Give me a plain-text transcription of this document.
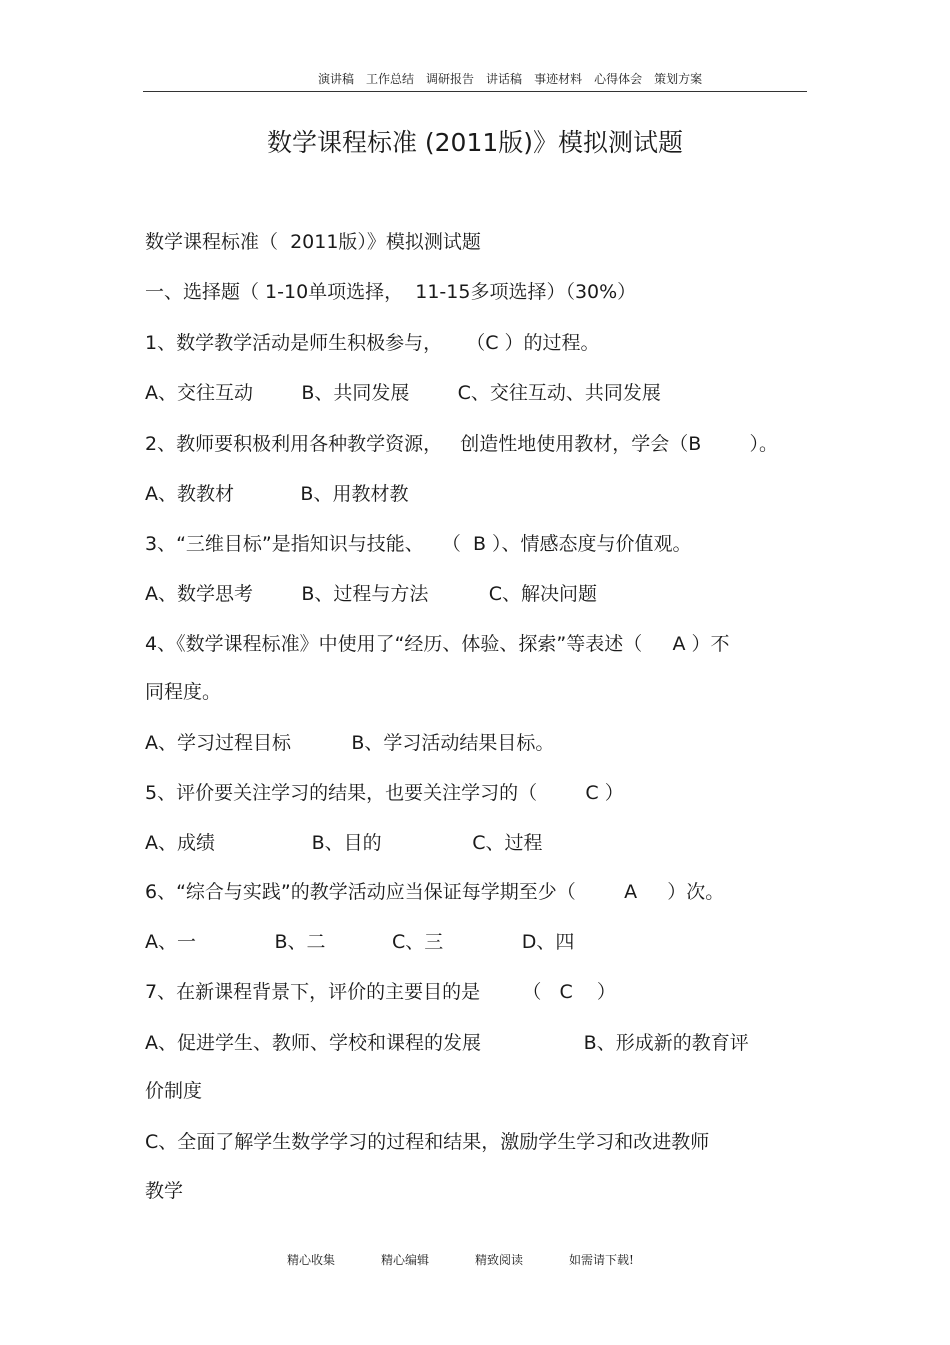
演讲稿 工作总结 调研报告 讲话稿 事迹材料 心得体会 策划方案
数学课程标准 (2011版)》模拟测试题
数学课程标准（  2011版）》模拟测试题
一、选择题（ 1-10单项选择，  11-15多项选择）（30%）
1、数学教学活动是师生积极参与，    （C ）的过程。
A、交往互动        B、共同发展        C、交往互动、共同发展
2、教师要积极利用各种教学资源，   创造性地使用教材，学会（B        ）。
A、教教材           B、用教材教
3、“三维目标”是指知识与技能、   （  B ）、情感态度与价值观。
A、数学思考        B、过程与方法          C、解决问题
4、《数学课程标准》中使用了“经历、体验、探索”等表述（     A ）不
同程度。
A、学习过程目标          B、学习活动结果目标。
5、评价要关注学习的结果，也要关注学习的（        C ）
A、成绩                B、目的               C、过程
6、“综合与实践”的教学活动应当保证每学期至少（        A     ）次。
A、一             B、二           C、三             D、四
7、在新课程背景下，评价的主要目的是       （   C    ）
A、促进学生、教师、学校和课程的发展                 B、形成新的教育评
价制度
C、全面了解学生数学学习的过程和结果，激励学生学习和改进教师
教学
精心收集	精心编辑	精致阅读	如需请下载!
